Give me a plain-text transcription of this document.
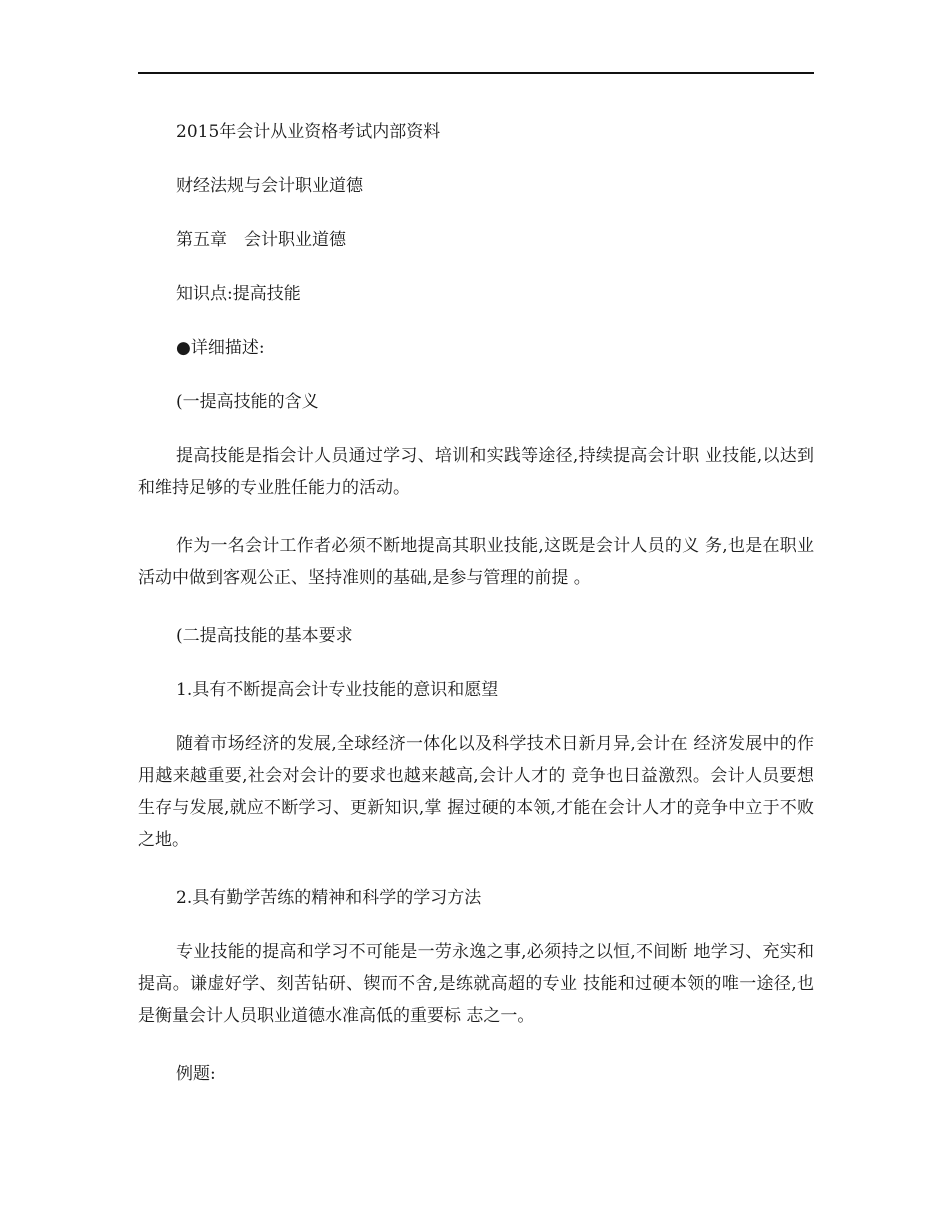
2015年会计从业资格考试内部资料

财经法规与会计职业道德

第五章　会计职业道德

知识点:提高技能

●详细描述:

(一提高技能的含义

提高技能是指会计人员通过学习、培训和实践等途径,持续提高会计职 业技能,以达到和维持足够的专业胜任能力的活动。

作为一名会计工作者必须不断地提高其职业技能,这既是会计人员的义 务,也是在职业活动中做到客观公正、坚持准则的基础,是参与管理的前提 。

(二提高技能的基本要求

1.具有不断提高会计专业技能的意识和愿望

随着市场经济的发展,全球经济一体化以及科学技术日新月异,会计在 经济发展中的作用越来越重要,社会对会计的要求也越来越高,会计人才的 竞争也日益激烈。会计人员要想生存与发展,就应不断学习、更新知识,掌 握过硬的本领,才能在会计人才的竞争中立于不败之地。

2.具有勤学苦练的精神和科学的学习方法

专业技能的提高和学习不可能是一劳永逸之事,必须持之以恒,不间断 地学习、充实和提高。谦虚好学、刻苦钻研、锲而不舍,是练就高超的专业 技能和过硬本领的唯一途径,也是衡量会计人员职业道德水准高低的重要标 志之一。

例题:
